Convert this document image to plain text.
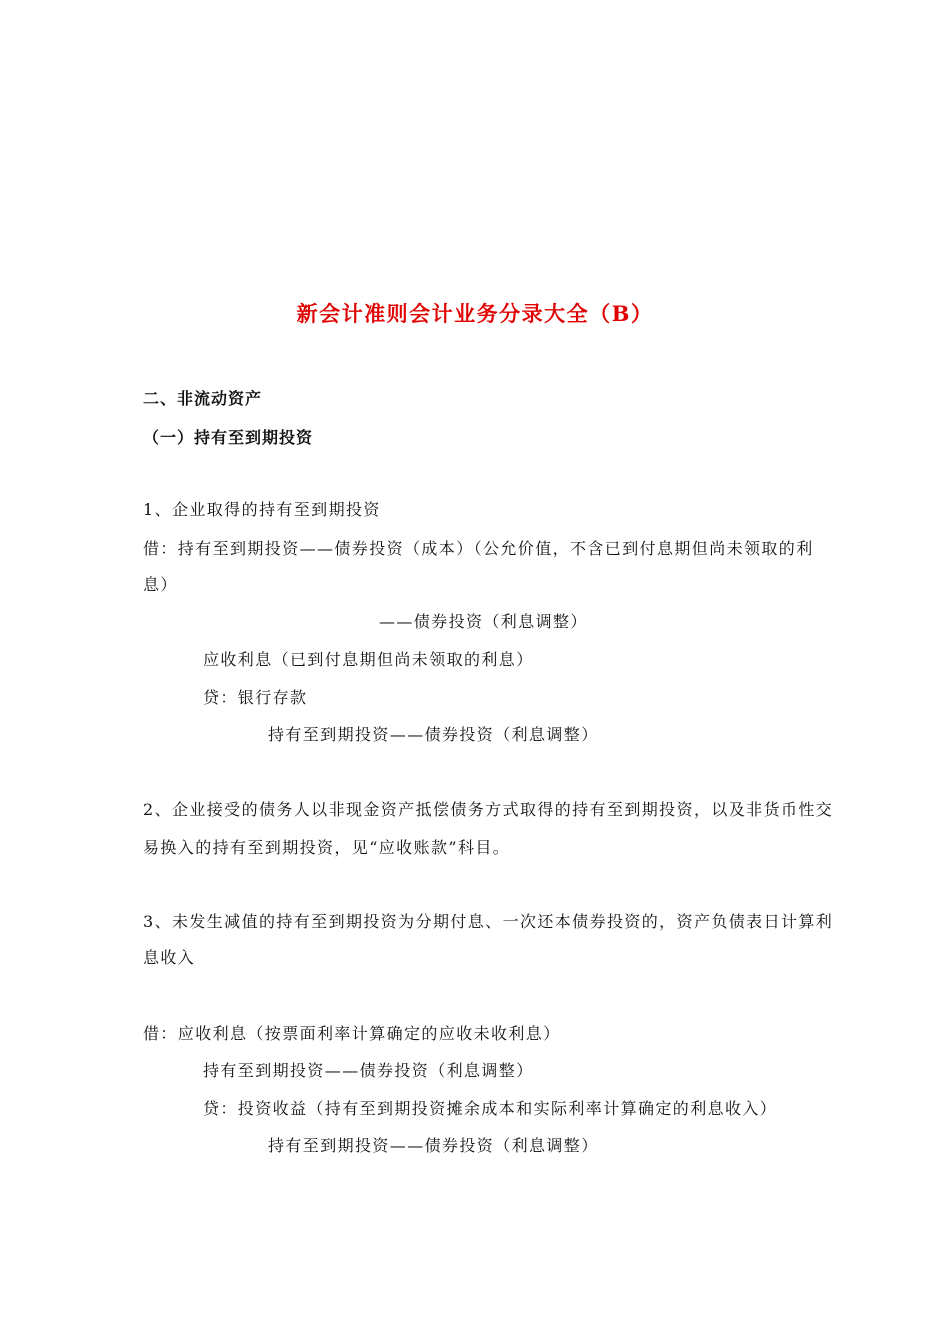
新会计准则会计业务分录大全（B）
二、非流动资产
（一）持有至到期投资
1、企业取得的持有至到期投资
借：持有至到期投资——债券投资（成本）（公允价值，不含已到付息期但尚未领取的利
息）
——债券投资（利息调整）
应收利息（已到付息期但尚未领取的利息）
贷：银行存款
持有至到期投资——债券投资（利息调整）
2、企业接受的债务人以非现金资产抵偿债务方式取得的持有至到期投资，以及非货币性交
易换入的持有至到期投资，见“应收账款”科目。
3、未发生减值的持有至到期投资为分期付息、一次还本债券投资的，资产负债表日计算利
息收入
借：应收利息（按票面利率计算确定的应收未收利息）
持有至到期投资——债券投资（利息调整）
贷：投资收益（持有至到期投资摊余成本和实际利率计算确定的利息收入）
持有至到期投资——债券投资（利息调整）
